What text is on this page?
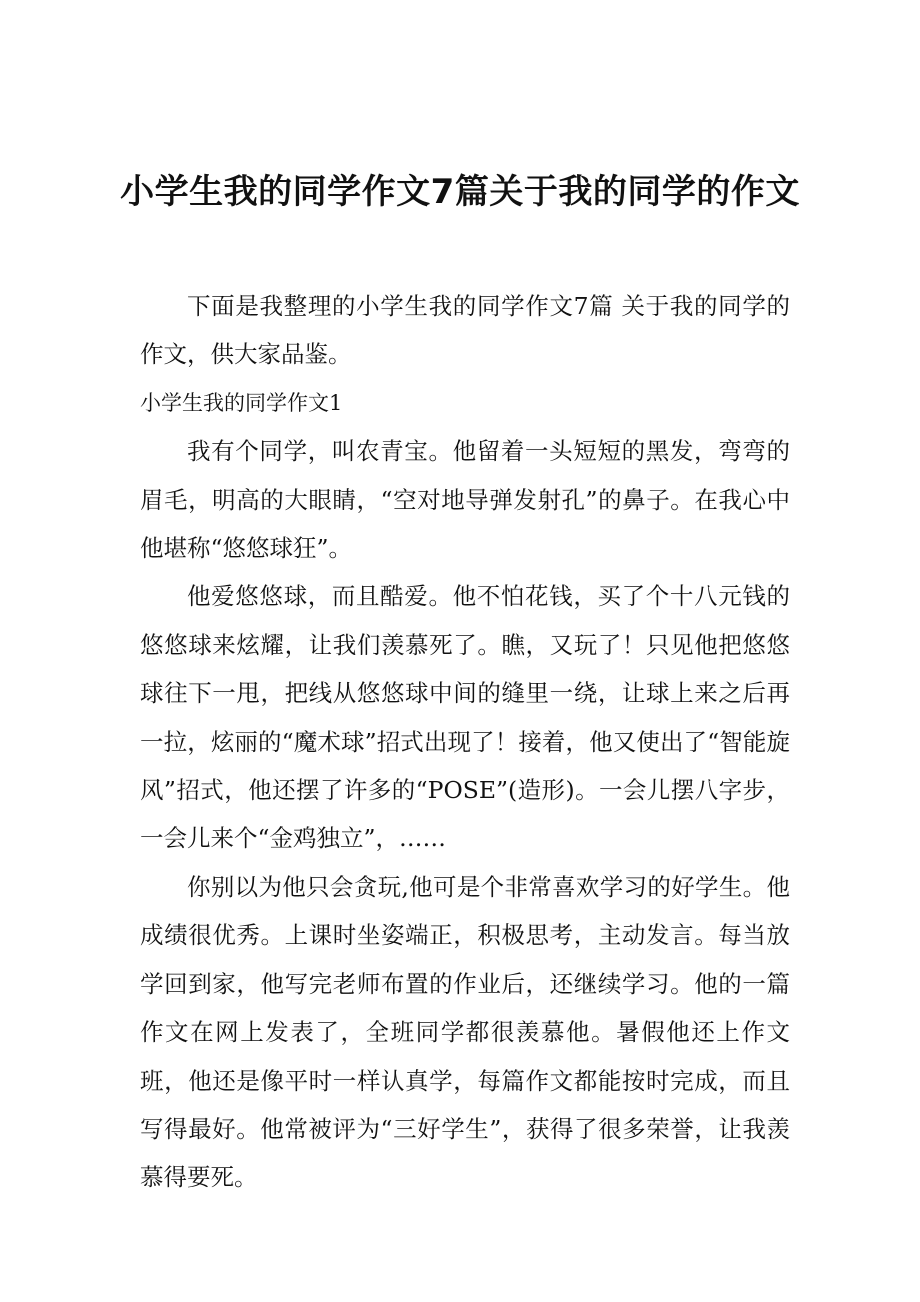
小学生我的同学作文7篇关于我的同学的作文

下面是我整理的小学生我的同学作文7篇 关于我的同学的作文，供大家品鉴。

小学生我的同学作文1

我有个同学，叫农青宝。他留着一头短短的黑发，弯弯的眉毛，明高的大眼睛，“空对地导弹发射孔”的鼻子。在我心中他堪称“悠悠球狂”。

他爱悠悠球，而且酷爱。他不怕花钱，买了个十八元钱的悠悠球来炫耀，让我们羡慕死了。瞧，又玩了！只见他把悠悠球往下一甩，把线从悠悠球中间的缝里一绕，让球上来之后再一拉，炫丽的“魔术球”招式出现了！接着，他又使出了“智能旋风”招式，他还摆了许多的“POSE”(造形)。一会儿摆八字步，一会儿来个“金鸡独立”，……

你别以为他只会贪玩,他可是个非常喜欢学习的好学生。他成绩很优秀。上课时坐姿端正，积极思考，主动发言。每当放学回到家，他写完老师布置的作业后，还继续学习。他的一篇作文在网上发表了，全班同学都很羡慕他。暑假他还上作文班，他还是像平时一样认真学，每篇作文都能按时完成，而且写得最好。他常被评为“三好学生”，获得了很多荣誉，让我羡慕得要死。
